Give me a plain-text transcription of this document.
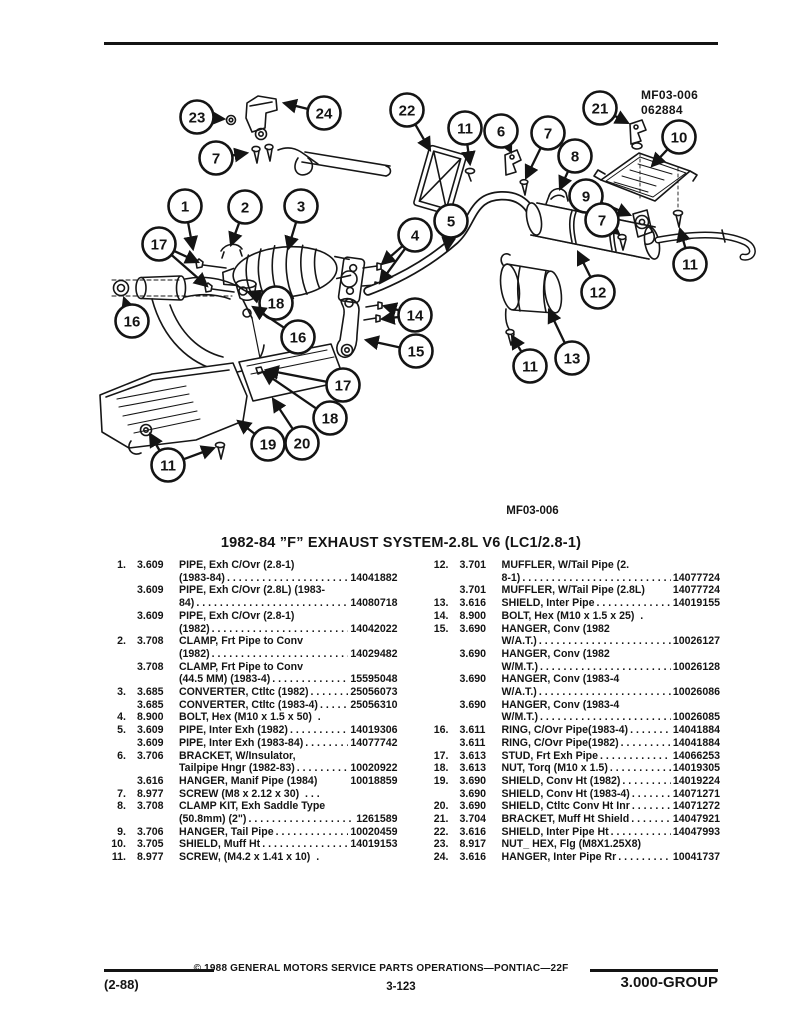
23	24
7
1	2	3
17
16
18
16
22
11 6	7
8
21
10
9
7
11
4
5
14
15
12
13
11
17
18
19 20
11
MF03-006
062884
MF03-006
1982-84 ”F” EXHAUST SYSTEM-2.8L V6 (LC1/2.8-1)
1. 3.609	PIPE, Exh C/Ovr (2.8-1)
(1983-84) . . .	14041882
3.609	PIPE, Exh C/Ovr (2.8L) (1983-
84) . . .	14080718
3.609	PIPE, Exh C/Ovr (2.8-1)
(1982) . . .	14042022
2. 3.708	CLAMP, Frt Pipe to Conv
(1982) . . .	14029482
3.708	CLAMP, Frt Pipe to Conv
(44.5 MM) (1983-4) . . .	15595048
3. 3.685	CONVERTER, Ctltc (1982) . . .	25056073
3.685	CONVERTER, Ctltc (1983-4) . . .	25056310
4. 8.900	BOLT, Hex (M10 x 1.5 x 50) .
5. 3.609	PIPE, Inter Exh (1982) . . .	14019306
3.609	PIPE, Inter Exh (1983-84) . . .	14077742
6. 3.706	BRACKET, W/Insulator,
Tailpipe Hngr (1982-83) . . .	10020922
3.616	HANGER, Manif Pipe (1984)	10018859
7. 8.977	SCREW (M8 x 2.12 x 30) . . .
8. 3.708	CLAMP KIT, Exh Saddle Type
(50.8mm) (2") . . .	1261589
9. 3.706	HANGER, Tail Pipe . . .	10020459
10. 3.705	SHIELD, Muff Ht . . .	14019153
11. 8.977	SCREW, (M4.2 x 1.41 x 10) .
12. 3.701	MUFFLER, W/Tail Pipe (2.
8-1) . . .	14077724
3.701	MUFFLER, W/Tail Pipe (2.8L)	14077724
13. 3.616	SHIELD, Inter Pipe . . .	14019155
14. 8.900	BOLT, Hex (M10 x 1.5 x 25) .
15. 3.690	HANGER, Conv (1982
W/A.T.) . . .	10026127
3.690	HANGER, Conv (1982
W/M.T.) . . .	10026128
3.690	HANGER, Conv (1983-4
W/A.T.) . . .	10026086
3.690	HANGER, Conv (1983-4
W/M.T.) . . .	10026085
16. 3.611	RING, C/Ovr Pipe(1983-4) . . .	14041884
3.611	RING, C/Ovr Pipe(1982) . . .	14041884
17. 3.613	STUD, Frt Exh Pipe . . .	14066253
18. 3.613	NUT, Torq (M10 x 1.5) . . .	14019305
19. 3.690	SHIELD, Conv Ht (1982) . . .	14019224
3.690	SHIELD, Conv Ht (1983-4) . . .	14071271
20. 3.690	SHIELD, Ctltc Conv Ht Inr . . .	14071272
21. 3.704	BRACKET, Muff Ht Shield . . .	14047921
22. 3.616	SHIELD, Inter Pipe Ht . . .	14047993
23. 8.917	NUT_ HEX, Flg (M8X1.25X8)
24. 3.616	HANGER, Inter Pipe Rr . . .	10041737
© 1988 GENERAL MOTORS SERVICE PARTS OPERATIONS—PONTIAC—22F
(2-88)	3-123	3.000-GROUP
